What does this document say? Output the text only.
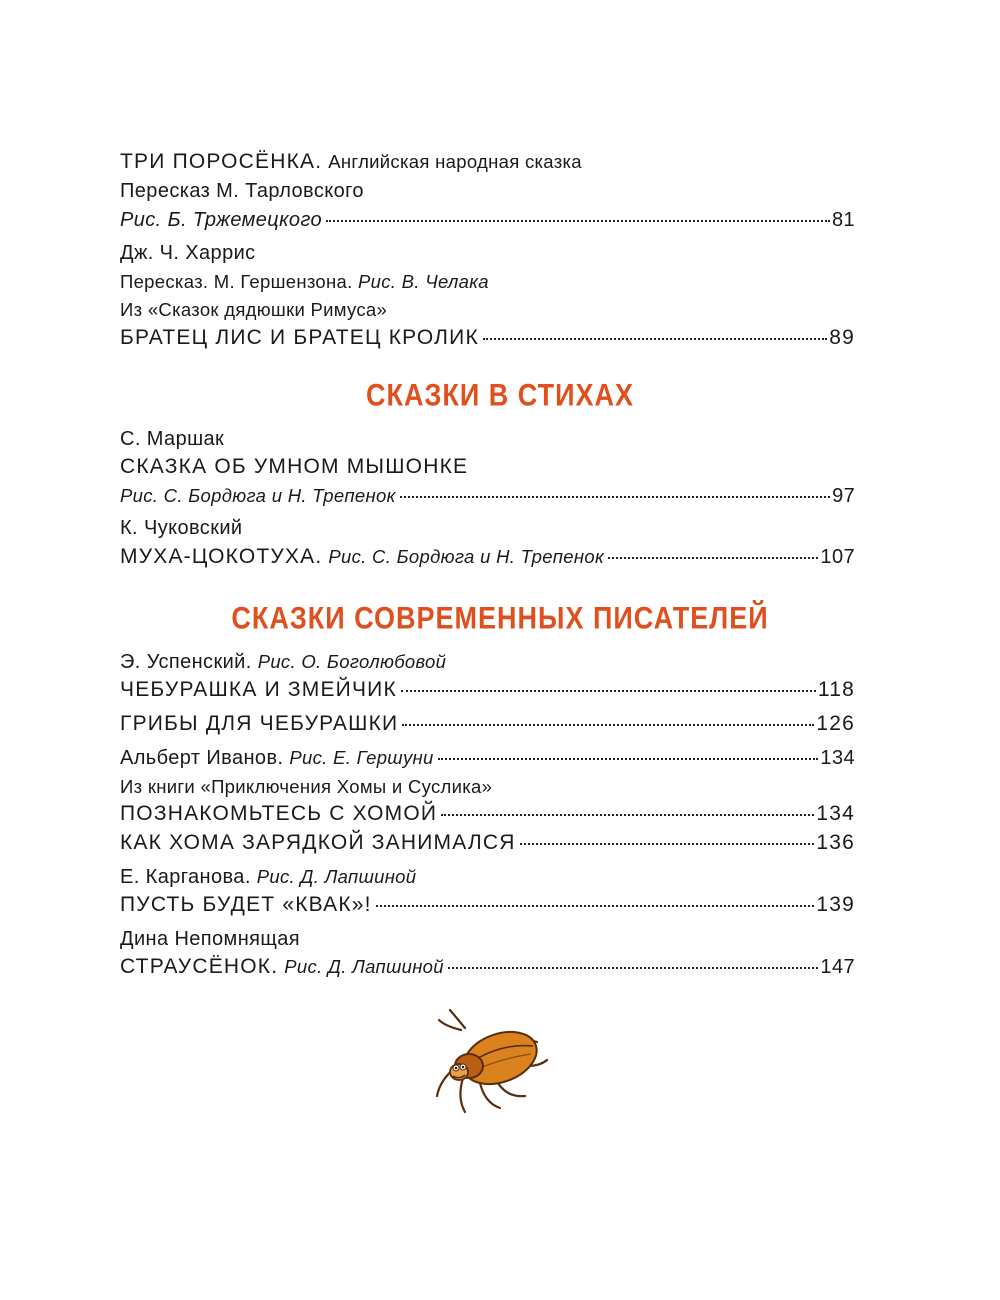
ТРИ ПОРОСЁНКА. Английская народная сказка
Пересказ М. Тарловского
Рис. Б. Тржемецкого	81
Дж. Ч. Харрис
Пересказ. М. Гершензона. Рис. В. Челака
Из «Сказок дядюшки Римуса»
БРАТЕЦ ЛИС И БРАТЕЦ КРОЛИК	89
СКАЗКИ В СТИХАХ
С. Маршак
СКАЗКА ОБ УМНОМ МЫШОНКЕ
Рис. С. Бордюга и Н. Трепенок	97
К. Чуковский
МУХА-ЦОКОТУХА.
Рис. С. Бордюга и Н. Трепенок	107
СКАЗКИ СОВРЕМЕННЫХ ПИСАТЕЛЕЙ
Э. Успенский. Рис. О. Боголюбовой
ЧЕБУРАШКА И ЗМЕЙЧИК	118
ГРИБЫ ДЛЯ ЧЕБУРАШКИ	126
Альберт Иванов.
Рис. Е. Гершуни	134
Из книги «Приключения Хомы и Суслика»
ПОЗНАКОМЬТЕСЬ С ХОМОЙ	134
КАК ХОМА ЗАРЯДКОЙ ЗАНИМАЛСЯ	136
Е. Карганова. Рис. Д. Лапшиной
ПУСТЬ БУДЕТ «КВАК»!	139
Дина Непомнящая
СТРАУСЁНОК.
Рис. Д. Лапшиной	147
